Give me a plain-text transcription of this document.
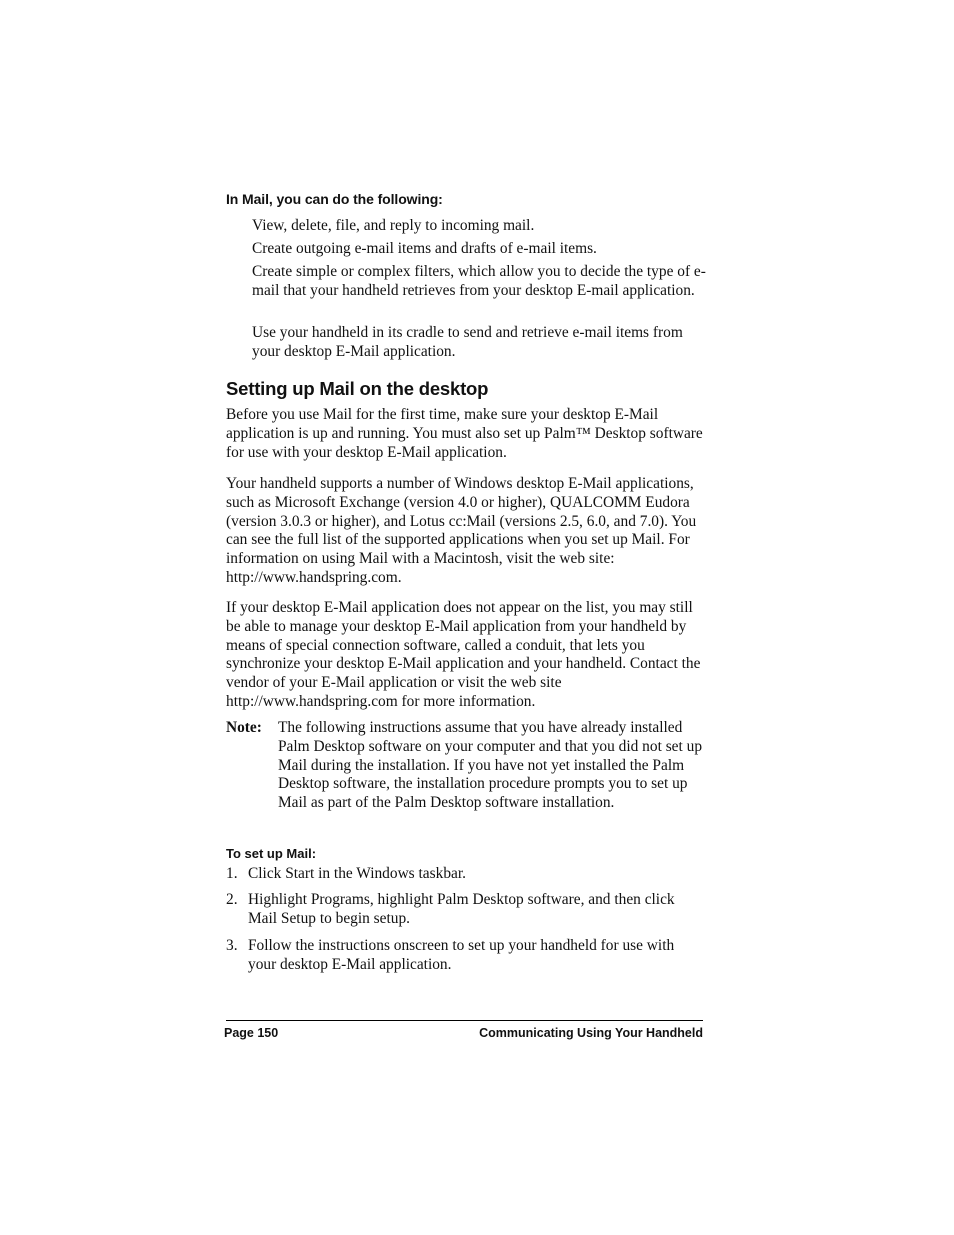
In Mail, you can do the following:

View, delete, file, and reply to incoming mail.

Create outgoing e-mail items and drafts of e-mail items.

Create simple or complex filters, which allow you to decide the type of e-mail that your handheld retrieves from your desktop E-mail application.

Use your handheld in its cradle to send and retrieve e-mail items from your desktop E-Mail application.

Setting up Mail on the desktop

Before you use Mail for the first time, make sure your desktop E-Mail application is up and running. You must also set up Palm™ Desktop software for use with your desktop E-Mail application.

Your handheld supports a number of Windows desktop E-Mail applications, such as Microsoft Exchange (version 4.0 or higher), QUALCOMM Eudora (version 3.0.3 or higher), and Lotus cc:Mail (versions 2.5, 6.0, and 7.0). You can see the full list of the supported applications when you set up Mail. For information on using Mail with a Macintosh, visit the web site: http://www.handspring.com.

If your desktop E-Mail application does not appear on the list, you may still be able to manage your desktop E-Mail application from your handheld by means of special connection software, called a conduit, that lets you synchronize your desktop E-Mail application and your handheld. Contact the vendor of your E-Mail application or visit the web site http://www.handspring.com for more information.

Note: The following instructions assume that you have already installed Palm Desktop software on your computer and that you did not set up Mail during the installation. If you have not yet installed the Palm Desktop software, the installation procedure prompts you to set up Mail as part of the Palm Desktop software installation.

To set up Mail:
1. Click Start in the Windows taskbar.

2. Highlight Programs, highlight Palm Desktop software, and then click Mail Setup to begin setup.

3. Follow the instructions onscreen to set up your handheld for use with your desktop E-Mail application.

Page 150	Communicating Using Your Handheld
